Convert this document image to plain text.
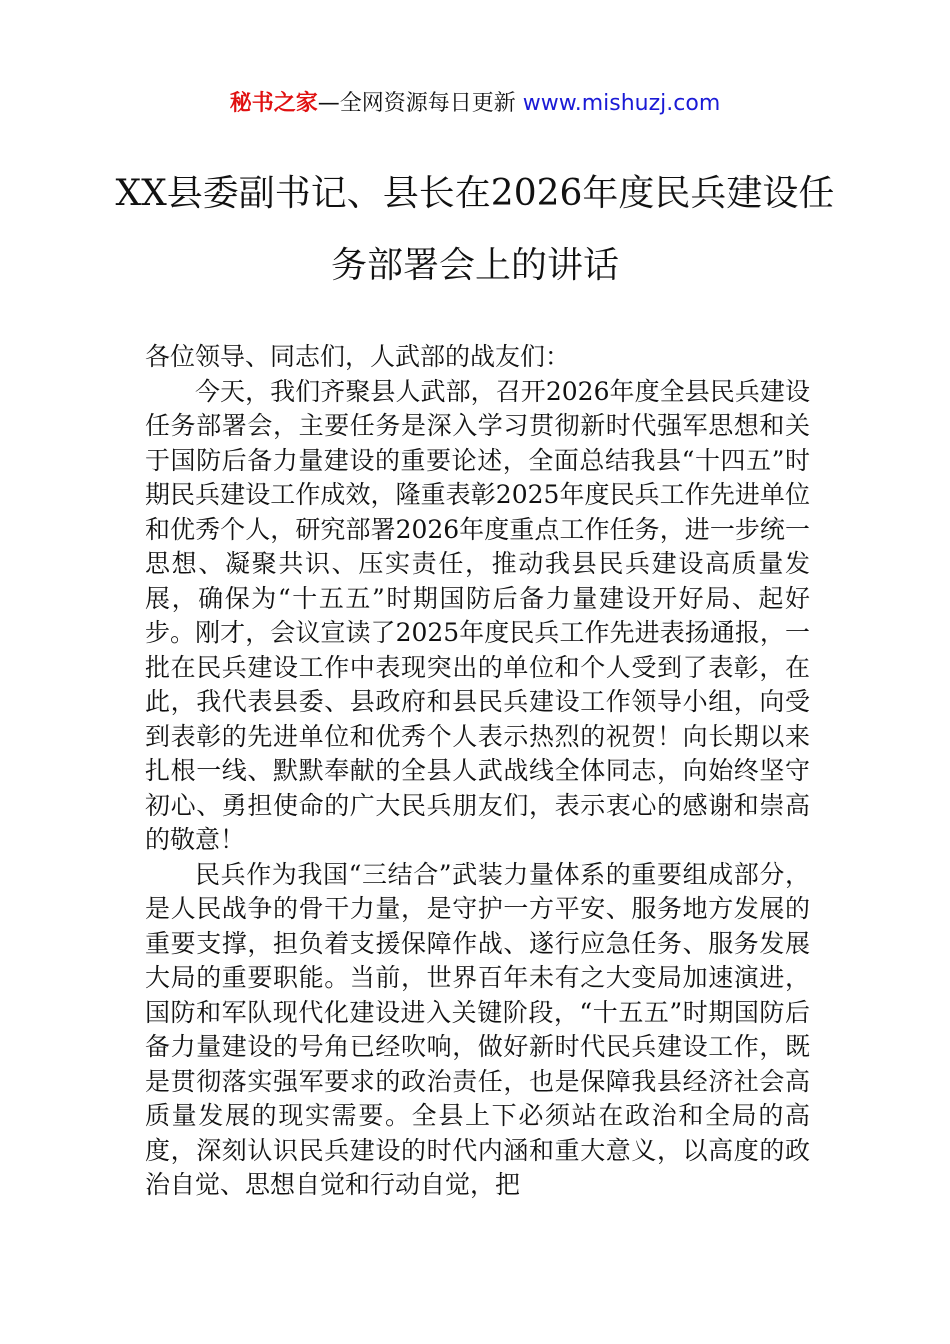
秘书之家—全网资源每日更新 www.mishuzj.com
XX县委副书记、县长在2026年度民兵建设任务部署会上的讲话

各位领导、同志们，人武部的战友们：

今天，我们齐聚县人武部，召开2026年度全县民兵建设任务部署会，主要任务是深入学习贯彻新时代强军思想和关于国防后备力量建设的重要论述，全面总结我县“十四五”时期民兵建设工作成效，隆重表彰2025年度民兵工作先进单位和优秀个人，研究部署2026年度重点工作任务，进一步统一思想、凝聚共识、压实责任，推动我县民兵建设高质量发展，确保为“十五五”时期国防后备力量建设开好局、起好步。刚才，会议宣读了2025年度民兵工作先进表扬通报，一批在民兵建设工作中表现突出的单位和个人受到了表彰，在此，我代表县委、县政府和县民兵建设工作领导小组，向受到表彰的先进单位和优秀个人表示热烈的祝贺！向长期以来扎根一线、默默奉献的全县人武战线全体同志，向始终坚守初心、勇担使命的广大民兵朋友们，表示衷心的感谢和崇高的敬意！

民兵作为我国“三结合”武装力量体系的重要组成部分，是人民战争的骨干力量，是守护一方平安、服务地方发展的重要支撑，担负着支援保障作战、遂行应急任务、服务发展大局的重要职能。当前，世界百年未有之大变局加速演进，国防和军队现代化建设进入关键阶段，“十五五”时期国防后备力量建设的号角已经吹响，做好新时代民兵建设工作，既是贯彻落实强军要求的政治责任，也是保障我县经济社会高质量发展的现实需要。全县上下必须站在政治和全局的高度，深刻认识民兵建设的时代内涵和重大意义，以高度的政治自觉、思想自觉和行动自觉，把
